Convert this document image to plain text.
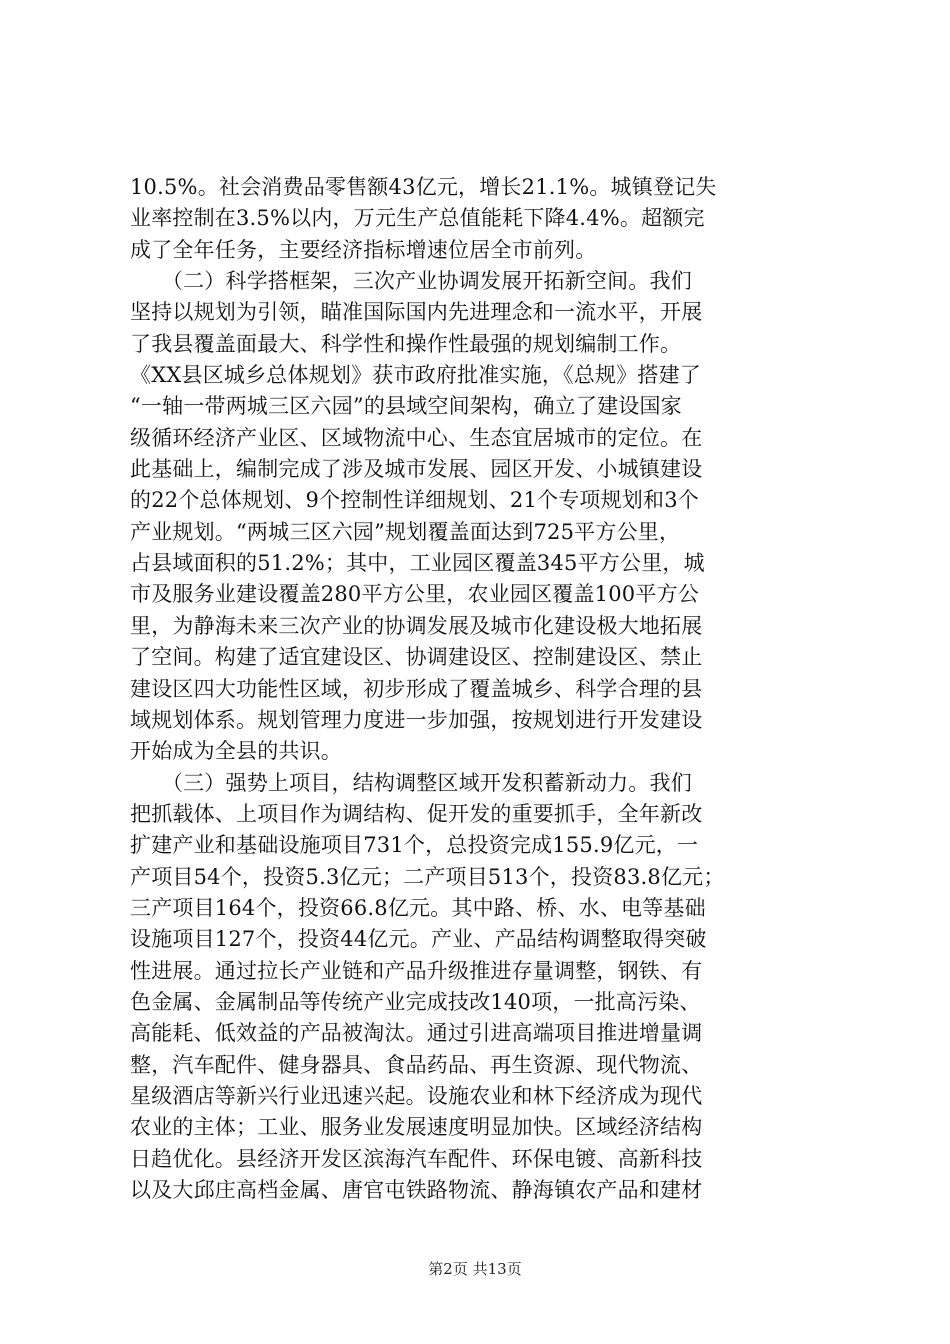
10.5%。社会消费品零售额43亿元，增长21.1%。城镇登记失
业率控制在3.5%以内，万元生产总值能耗下降4.4%。超额完
成了全年任务，主要经济指标增速位居全市前列。
　　（二）科学搭框架，三次产业协调发展开拓新空间。我们
坚持以规划为引领，瞄准国际国内先进理念和一流水平，开展
了我县覆盖面最大、科学性和操作性最强的规划编制工作。
《XX县区城乡总体规划》获市政府批准实施，《总规》搭建了
“一轴一带两城三区六园”的县域空间架构，确立了建设国家
级循环经济产业区、区域物流中心、生态宜居城市的定位。在
此基础上，编制完成了涉及城市发展、园区开发、小城镇建设
的22个总体规划、9个控制性详细规划、21个专项规划和3个
产业规划。“两城三区六园”规划覆盖面达到725平方公里，
占县域面积的51.2%；其中，工业园区覆盖345平方公里，城
市及服务业建设覆盖280平方公里，农业园区覆盖100平方公
里，为静海未来三次产业的协调发展及城市化建设极大地拓展
了空间。构建了适宜建设区、协调建设区、控制建设区、禁止
建设区四大功能性区域，初步形成了覆盖城乡、科学合理的县
域规划体系。规划管理力度进一步加强，按规划进行开发建设
开始成为全县的共识。
　　（三）强势上项目，结构调整区域开发积蓄新动力。我们
把抓载体、上项目作为调结构、促开发的重要抓手，全年新改
扩建产业和基础设施项目731个，总投资完成155.9亿元，一
产项目54个，投资5.3亿元；二产项目513个，投资83.8亿元；
三产项目164个，投资66.8亿元。其中路、桥、水、电等基础
设施项目127个，投资44亿元。产业、产品结构调整取得突破
性进展。通过拉长产业链和产品升级推进存量调整，钢铁、有
色金属、金属制品等传统产业完成技改140项，一批高污染、
高能耗、低效益的产品被淘汰。通过引进高端项目推进增量调
整，汽车配件、健身器具、食品药品、再生资源、现代物流、
星级酒店等新兴行业迅速兴起。设施农业和林下经济成为现代
农业的主体；工业、服务业发展速度明显加快。区域经济结构
日趋优化。县经济开发区滨海汽车配件、环保电镀、高新科技
以及大邱庄高档金属、唐官屯铁路物流、静海镇农产品和建材
第2页 共13页
